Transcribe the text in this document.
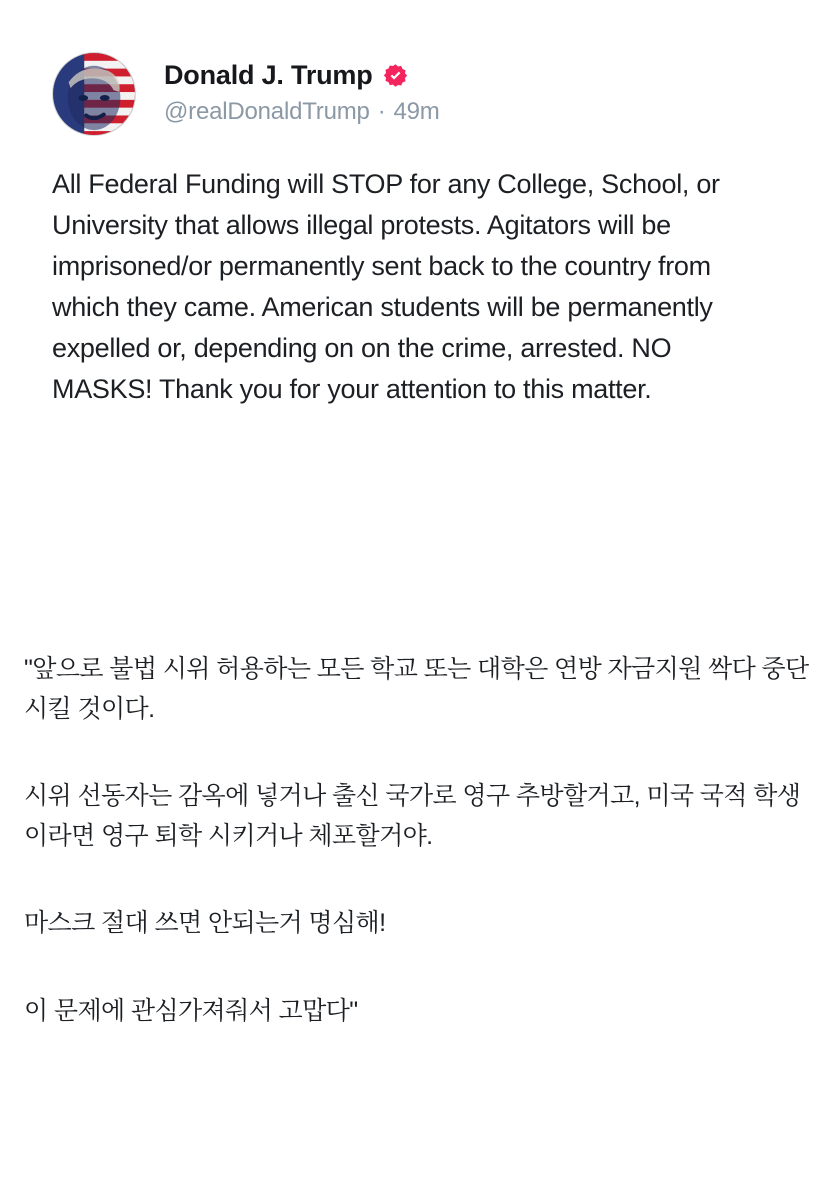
Donald J. Trump
@realDonaldTrump · 49m
All Federal Funding will STOP for any College, School, or University that allows illegal protests. Agitators will be imprisoned/or permanently sent back to the country from which they came. American students will be permanently expelled or, depending on on the crime, arrested. NO MASKS! Thank you for your attention to this matter.

"앞으로 불법 시위 허용하는 모든 학교 또는 대학은 연방 자금지원 싹다 중단시킬 것이다.

시위 선동자는 감옥에 넣거나 출신 국가로 영구 추방할거고, 미국 국적 학생이라면 영구 퇴학 시키거나 체포할거야.

마스크 절대 쓰면 안되는거 명심해!

이 문제에 관심가져줘서 고맙다"
